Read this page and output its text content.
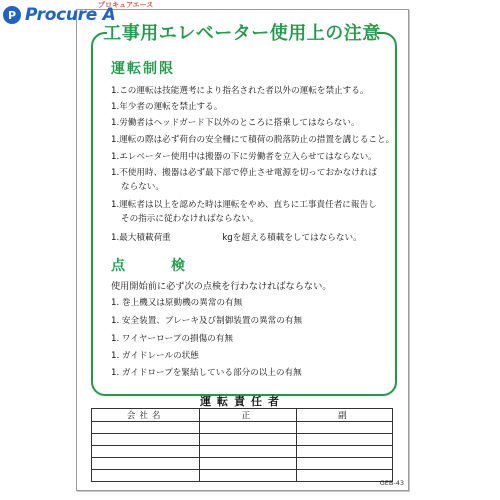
P Procure A
プロキュアエース
工事用エレベーター使用上の注意
運転制限
1.この運転は技能選考により指名された者以外の運転を禁止する。
1.年少者の運転を禁止する。
1.労働者はヘッドガード下以外のところに搭乗してはならない。
1.運転の際は必ず荷台の安全柵にて積荷の脱落防止の措置を講じること。
1.エレベーター使用中は搬器の下に労働者を立入らせてはならない。
1.不使用時、搬器は必ず最下部で停止させ電源を切っておかなければ
ならない。
1.運転者は以上を認めた時は運転をやめ、直ちに工事責任者に報告し
その指示に従わなければならない。
1.最大積載荷重　　　　　　kgを超える積載をしてはならない。
点　　検
使用開始前に必ず次の点検を行わなければならない。
1. 巻上機又は原動機の異常の有無
1. 安全装置、ブレーキ及び制御装置の異常の有無
1. ワイヤーロープの損傷の有無
1. ガイドレールの状態
1. ガイドロープを緊結している部分の以上の有無
運転責任者
会社名	正	副

GEB-43
